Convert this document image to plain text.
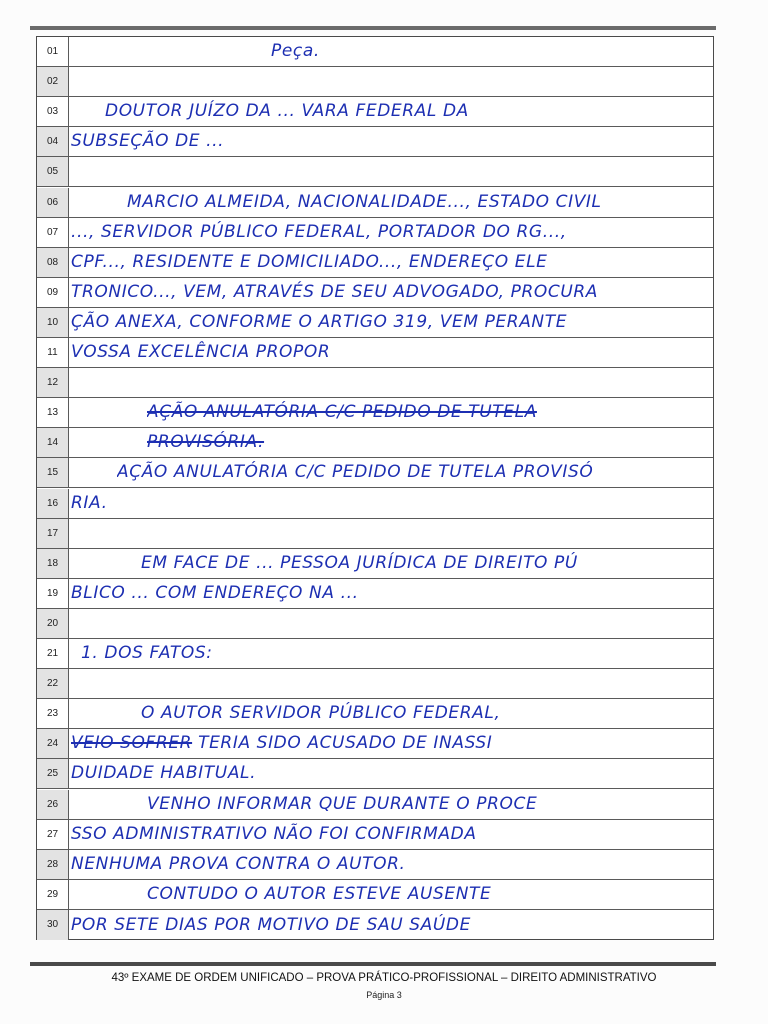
01	Peça.
02
03	DOUTOR JUÍZO DA ... VARA FEDERAL DA
04 SUBSEÇÃO DE ...
05
06	MARCIO ALMEIDA, NACIONALIDADE..., ESTADO CIVIL
07 ..., SERVIDOR PÚBLICO FEDERAL, PORTADOR DO RG...,
08 CPF..., RESIDENTE E DOMICILIADO..., ENDEREÇO ELE
09 TRONICO..., VEM, ATRAVÉS DE SEU ADVOGADO, PROCURA
10 ÇÃO ANEXA, CONFORME O ARTIGO 319, VEM PERANTE
11 VOSSA EXCELÊNCIA PROPOR
12
13	AÇÃO ANULATÓRIA C/C PEDIDO DE TUTELA
14	PROVISÓRIA.
15	AÇÃO ANULATÓRIA C/C PEDIDO DE TUTELA PROVISÓ
16 RIA.
17
18	EM FACE DE ... PESSOA JURÍDICA DE DIREITO PÚ
19 BLICO ... COM ENDEREÇO NA ...
20
21	1. DOS FATOS:
22
23	O AUTOR SERVIDOR PÚBLICO FEDERAL,
24 VEIO SOFRER TERIA SIDO ACUSADO DE INASSI
25 DUIDADE HABITUAL.
26	VENHO INFORMAR QUE DURANTE O PROCE
27 SSO ADMINISTRATIVO NÃO FOI CONFIRMADA
28 NENHUMA PROVA CONTRA O AUTOR.
29	CONTUDO O AUTOR ESTEVE AUSENTE
30 POR SETE DIAS POR MOTIVO DE SAU SAÚDE
43º EXAME DE ORDEM UNIFICADO – PROVA PRÁTICO-PROFISSIONAL – DIREITO ADMINISTRATIVO
Página 3
